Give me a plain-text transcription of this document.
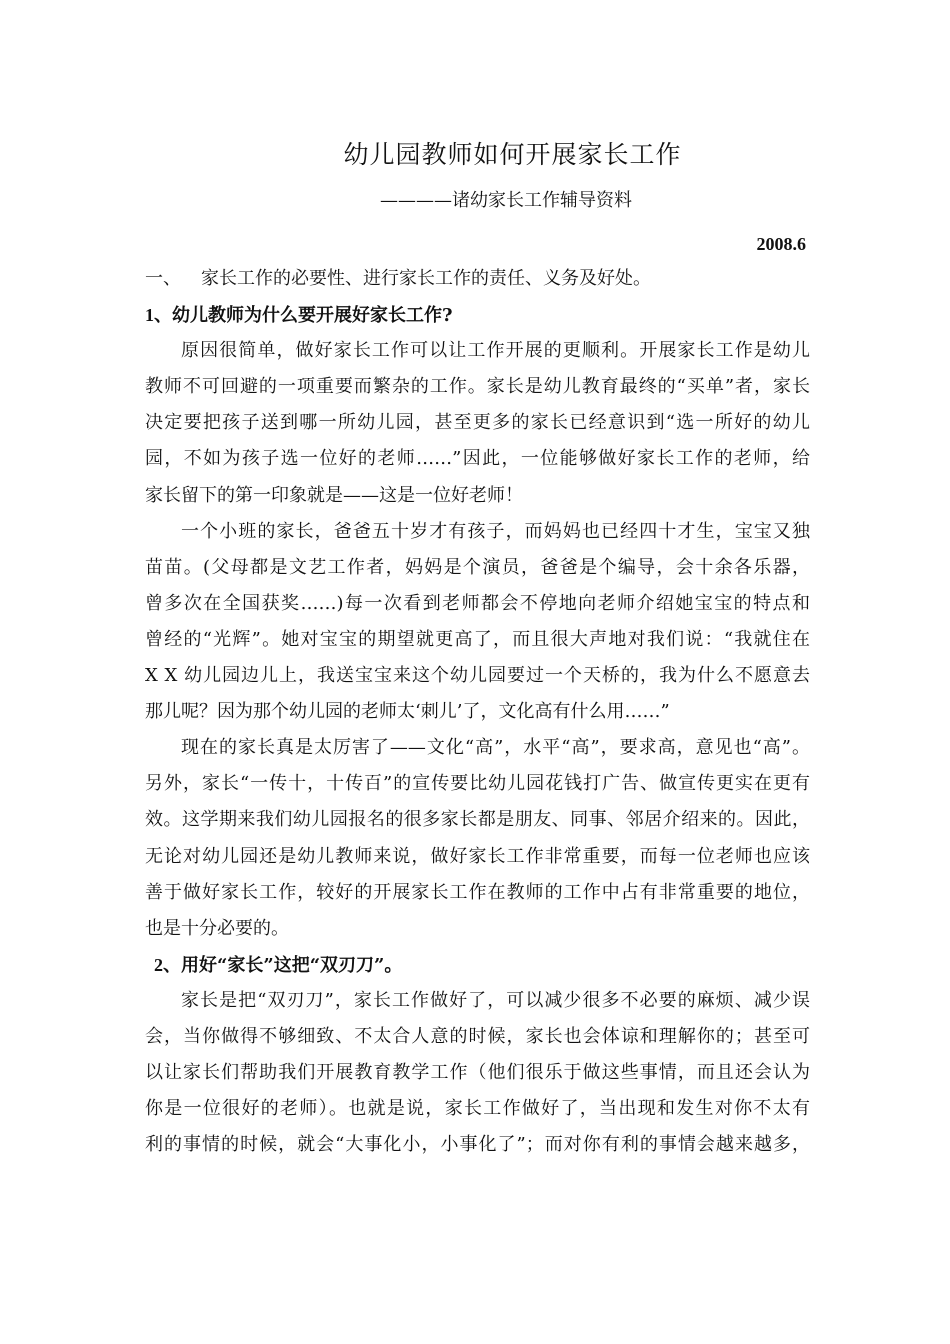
幼儿园教师如何开展家长工作
————诸幼家长工作辅导资料
2008.6
一、 家长工作的必要性、进行家长工作的责任、义务及好处。
1、幼儿教师为什么要开展好家长工作?
原因很简单，做好家长工作可以让工作开展的更顺利。开展家长工作是幼儿
教师不可回避的一项重要而繁杂的工作。家长是幼儿教育最终的“买单”者，家长
决定要把孩子送到哪一所幼儿园，甚至更多的家长已经意识到“选一所好的幼儿
园，不如为孩子选一位好的老师……”因此，一位能够做好家长工作的老师，给
家长留下的第一印象就是——这是一位好老师！
一个小班的家长，爸爸五十岁才有孩子，而妈妈也已经四十才生，宝宝又独
苗苗。(父母都是文艺工作者，妈妈是个演员，爸爸是个编导，会十余各乐器，
曾多次在全国获奖……)每一次看到老师都会不停地向老师介绍她宝宝的特点和
曾经的“光辉”。她对宝宝的期望就更高了，而且很大声地对我们说：“我就住在
X X 幼儿园边儿上，我送宝宝来这个幼儿园要过一个天桥的，我为什么不愿意去
那儿呢？因为那个幼儿园的老师太‘刺儿’了，文化高有什么用……”
现在的家长真是太厉害了——文化“高”，水平“高”，要求高，意见也“高”。
另外，家长“一传十，十传百”的宣传要比幼儿园花钱打广告、做宣传更实在更有
效。这学期来我们幼儿园报名的很多家长都是朋友、同事、邻居介绍来的。因此，
无论对幼儿园还是幼儿教师来说，做好家长工作非常重要，而每一位老师也应该
善于做好家长工作，较好的开展家长工作在教师的工作中占有非常重要的地位，
也是十分必要的。
2、用好“家长”这把“双刃刀”。
家长是把“双刃刀”，家长工作做好了，可以减少很多不必要的麻烦、减少误
会，当你做得不够细致、不太合人意的时候，家长也会体谅和理解你的；甚至可
以让家长们帮助我们开展教育教学工作（他们很乐于做这些事情，而且还会认为
你是一位很好的老师）。也就是说，家长工作做好了，当出现和发生对你不太有
利的事情的时候，就会“大事化小，小事化了”；而对你有利的事情会越来越多，
